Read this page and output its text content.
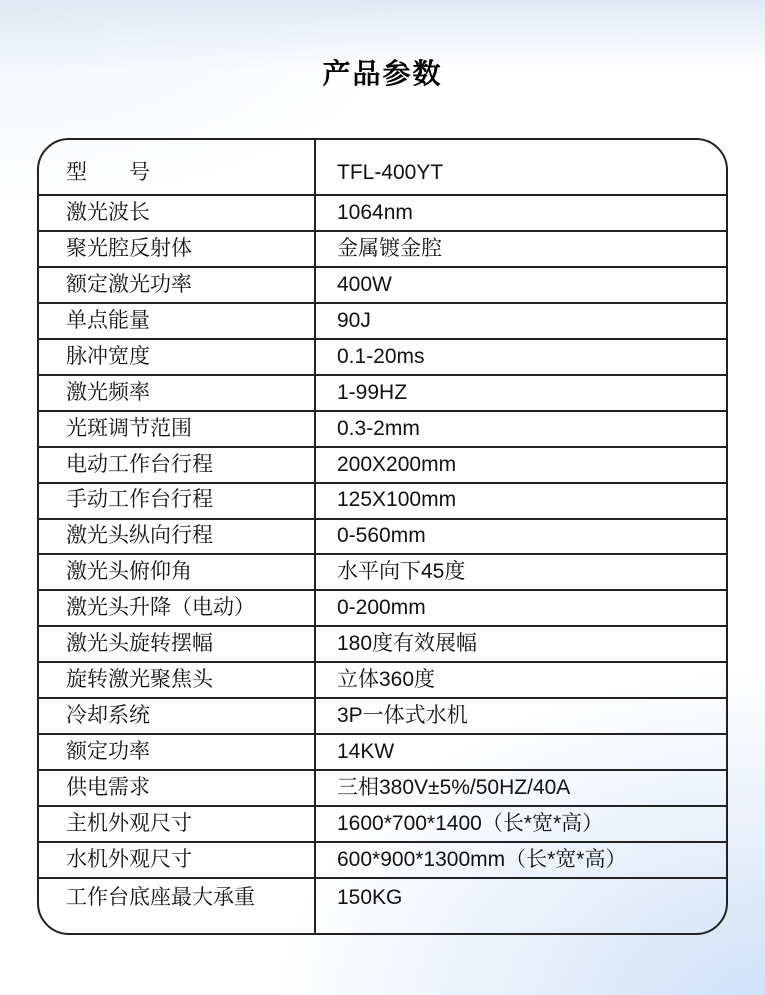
产品参数
型　　号	TFL-400YT
激光波长	1064nm
聚光腔反射体	金属镀金腔
额定激光功率	400W
单点能量	90J
脉冲宽度	0.1-20ms
激光频率	1-99HZ
光斑调节范围	0.3-2mm
电动工作台行程	200X200mm
手动工作台行程	125X100mm
激光头纵向行程	0-560mm
激光头俯仰角	水平向下45度
激光头升降（电动）	0-200mm
激光头旋转摆幅	180度有效展幅
旋转激光聚焦头	立体360度
冷却系统	3P一体式水机
额定功率	14KW
供电需求	三相380V±5%/50HZ/40A
主机外观尺寸	1600*700*1400（长*宽*高）
水机外观尺寸	600*900*1300mm（长*宽*高）
工作台底座最大承重	150KG
